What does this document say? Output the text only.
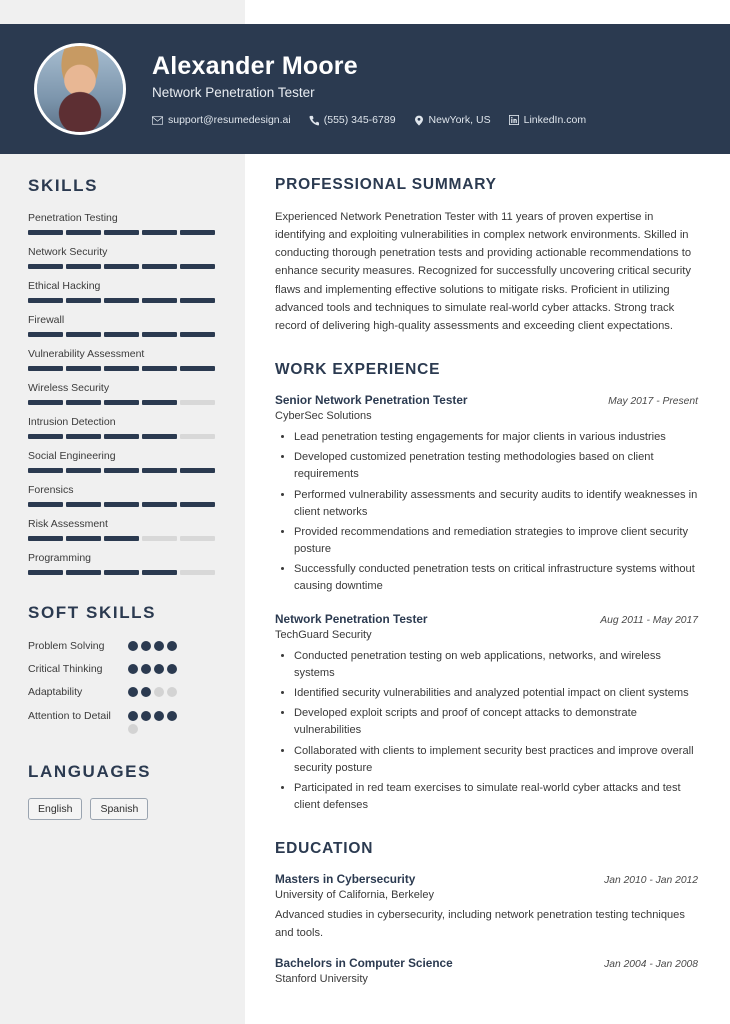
Alexander Moore
Network Penetration Tester
support@resumedesign.ai	(555) 345-6789	NewYork, US	LinkedIn.com
SKILLS
Penetration Testing
Network Security
Ethical Hacking
Firewall
Vulnerability Assessment
Wireless Security
Intrusion Detection
Social Engineering
Forensics
Risk Assessment
Programming
SOFT SKILLS
Problem Solving
Critical Thinking
Adaptability
Attention to Detail
LANGUAGES
English	Spanish
PROFESSIONAL SUMMARY

Experienced Network Penetration Tester with 11 years of proven expertise in identifying and exploiting vulnerabilities in complex network environments. Skilled in conducting thorough penetration tests and providing actionable recommendations to enhance security measures. Recognized for successfully uncovering critical security flaws and implementing effective solutions to mitigate risks. Proficient in utilizing advanced tools and techniques to simulate real-world cyber attacks. Strong track record of delivering high-quality assessments and exceeding client expectations.

WORK EXPERIENCE
Senior Network Penetration Tester	May 2017 - Present
CyberSec Solutions
• Lead penetration testing engagements for major clients in various industries
• Developed customized penetration testing methodologies based on client requirements
• Performed vulnerability assessments and security audits to identify weaknesses in client networks
• Provided recommendations and remediation strategies to improve client security posture
• Successfully conducted penetration tests on critical infrastructure systems without causing downtime
Network Penetration Tester	Aug 2011 - May 2017
TechGuard Security
• Conducted penetration testing on web applications, networks, and wireless systems
• Identified security vulnerabilities and analyzed potential impact on client systems
• Developed exploit scripts and proof of concept attacks to demonstrate vulnerabilities
• Collaborated with clients to implement security best practices and improve overall security posture
• Participated in red team exercises to simulate real-world cyber attacks and test client defenses
EDUCATION
Masters in Cybersecurity	Jan 2010 - Jan 2012
University of California, Berkeley
Advanced studies in cybersecurity, including network penetration testing techniques and tools.
Bachelors in Computer Science	Jan 2004 - Jan 2008
Stanford University
